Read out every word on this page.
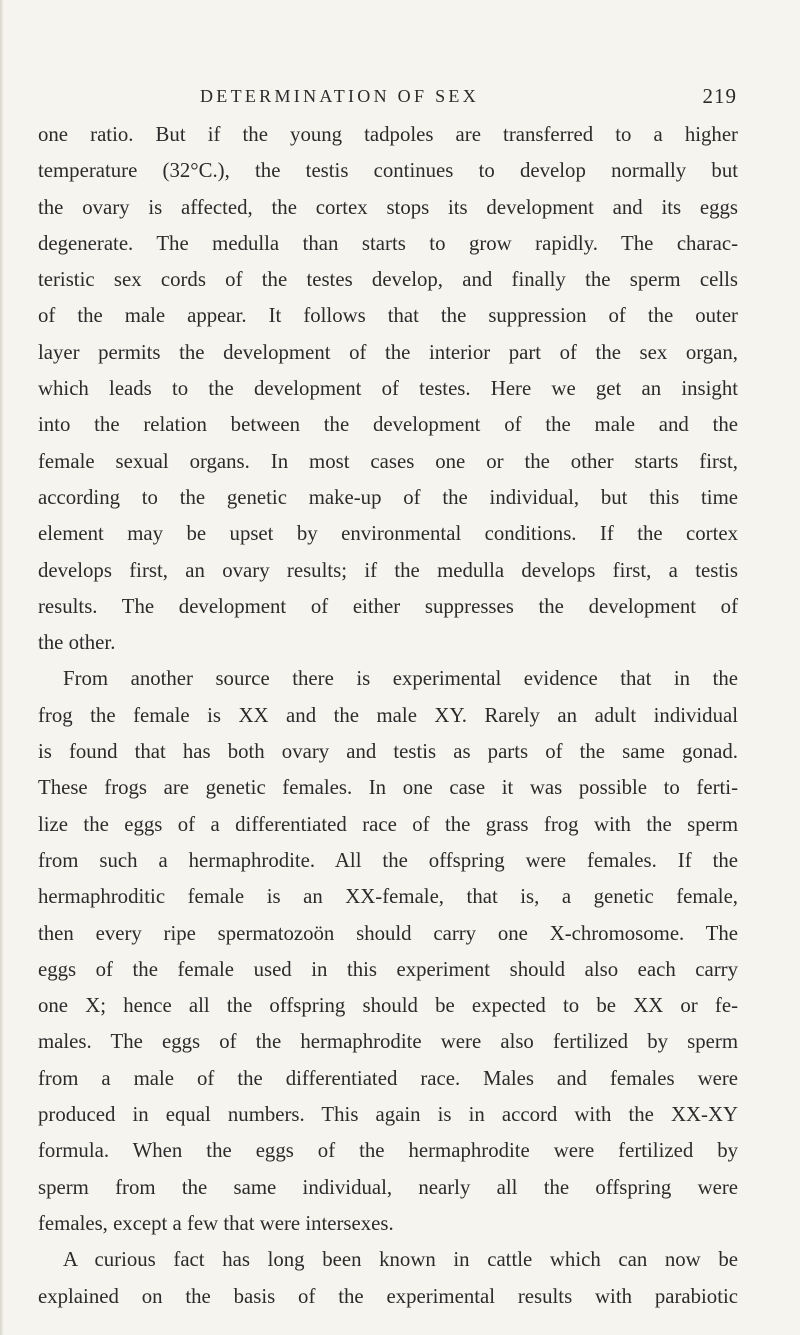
DETERMINATION OF SEX	219
one ratio. But if the young tadpoles are transferred to a higher
temperature (32°C.), the testis continues to develop normally but
the ovary is affected, the cortex stops its development and its eggs
degenerate. The medulla than starts to grow rapidly. The charac-
teristic sex cords of the testes develop, and finally the sperm cells
of the male appear. It follows that the suppression of the outer
layer permits the development of the interior part of the sex organ,
which leads to the development of testes. Here we get an insight
into the relation between the development of the male and the
female sexual organs. In most cases one or the other starts first,
according to the genetic make-up of the individual, but this time
element may be upset by environmental conditions. If the cortex
develops first, an ovary results; if the medulla develops first, a testis
results. The development of either suppresses the development of
the other.
From another source there is experimental evidence that in the
frog the female is XX and the male XY. Rarely an adult individual
is found that has both ovary and testis as parts of the same gonad.
These frogs are genetic females. In one case it was possible to ferti-
lize the eggs of a differentiated race of the grass frog with the sperm
from such a hermaphrodite. All the offspring were females. If the
hermaphroditic female is an XX-female, that is, a genetic female,
then every ripe spermatozoön should carry one X-chromosome. The
eggs of the female used in this experiment should also each carry
one X; hence all the offspring should be expected to be XX or fe-
males. The eggs of the hermaphrodite were also fertilized by sperm
from a male of the differentiated race. Males and females were
produced in equal numbers. This again is in accord with the XX-XY
formula. When the eggs of the hermaphrodite were fertilized by
sperm from the same individual, nearly all the offspring were
females, except a few that were intersexes.
A curious fact has long been known in cattle which can now be
explained on the basis of the experimental results with parabiotic
